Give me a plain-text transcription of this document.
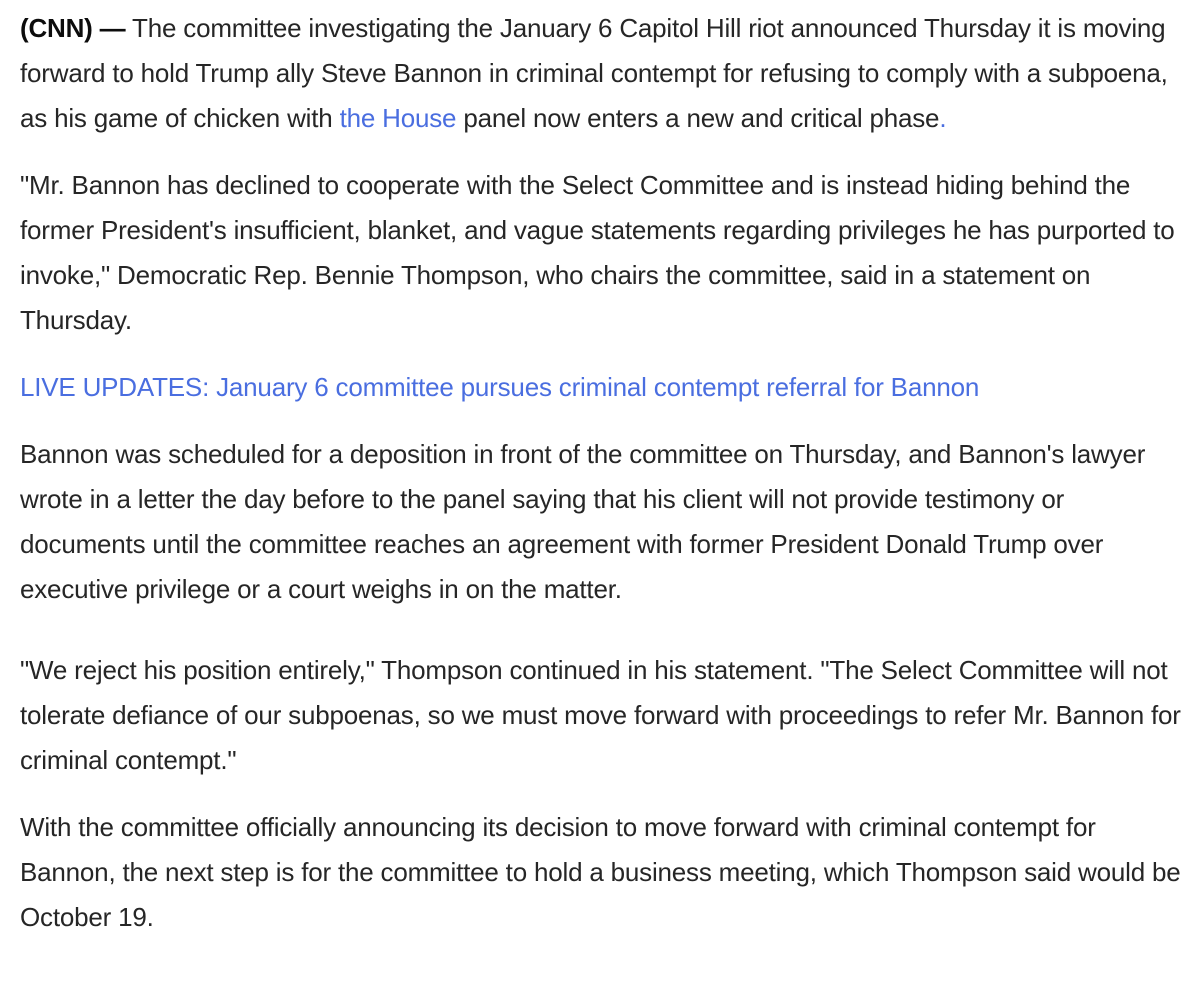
(CNN) — The committee investigating the January 6 Capitol Hill riot announced Thursday it is moving forward to hold Trump ally Steve Bannon in criminal contempt for refusing to comply with a subpoena, as his game of chicken with the House panel now enters a new and critical phase.

"Mr. Bannon has declined to cooperate with the Select Committee and is instead hiding behind the former President's insufficient, blanket, and vague statements regarding privileges he has purported to invoke," Democratic Rep. Bennie Thompson, who chairs the committee, said in a statement on Thursday.

LIVE UPDATES: January 6 committee pursues criminal contempt referral for Bannon

Bannon was scheduled for a deposition in front of the committee on Thursday, and Bannon's lawyer wrote in a letter the day before to the panel saying that his client will not provide testimony or documents until the committee reaches an agreement with former President Donald Trump over executive privilege or a court weighs in on the matter.

"We reject his position entirely," Thompson continued in his statement. "The Select Committee will not tolerate defiance of our subpoenas, so we must move forward with proceedings to refer Mr. Bannon for criminal contempt."

With the committee officially announcing its decision to move forward with criminal contempt for Bannon, the next step is for the committee to hold a business meeting, which Thompson said would be October 19.
